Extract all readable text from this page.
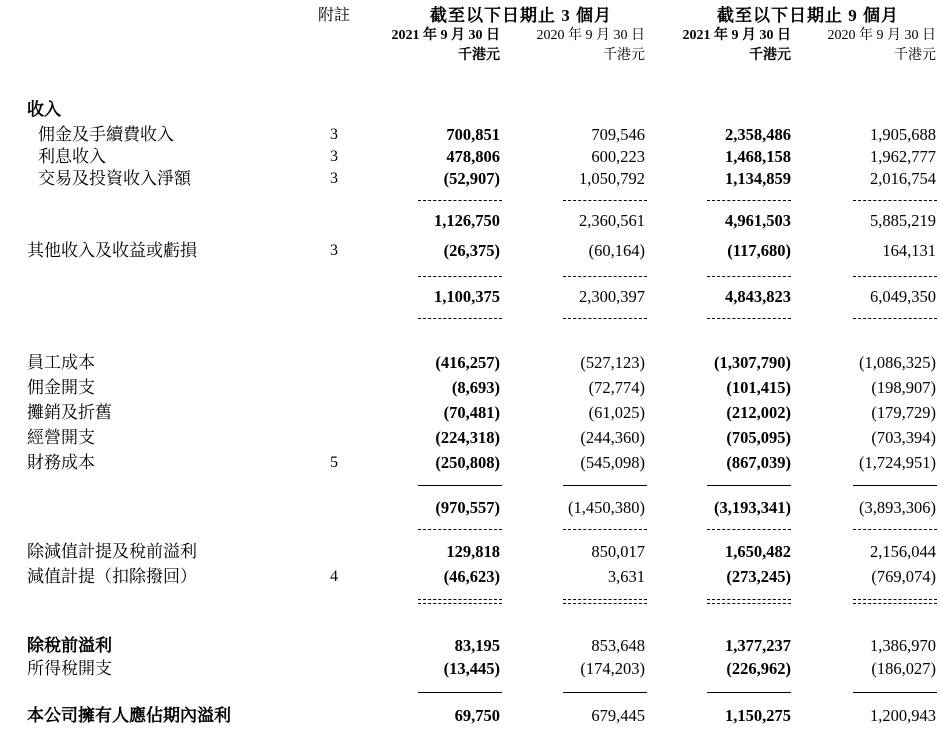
附註	截至以下日期止 3 個月	截至以下日期止 9 個月
2021 年 9 月 30 日	2020 年 9 月 30 日	2021 年 9 月 30 日	2020 年 9 月 30 日
千港元	千港元	千港元	千港元
收入
佣金及手續費收入	3	700,851	709,546	2,358,486	1,905,688
利息收入	3	478,806	600,223	1,468,158	1,962,777
交易及投資收入淨額	3	(52,907)	1,050,792	1,134,859	2,016,754
1,126,750	2,360,561	4,961,503	5,885,219
其他收入及收益或虧損	3	(26,375)	(60,164)	(117,680)	164,131
1,100,375	2,300,397	4,843,823	6,049,350
員工成本	(416,257)	(527,123)	(1,307,790)	(1,086,325)
佣金開支	(8,693)	(72,774)	(101,415)	(198,907)
攤銷及折舊	(70,481)	(61,025)	(212,002)	(179,729)
經營開支	(224,318)	(244,360)	(705,095)	(703,394)
財務成本	5	(250,808)	(545,098)	(867,039)	(1,724,951)
(970,557)	(1,450,380)	(3,193,341)	(3,893,306)
除減值計提及稅前溢利	129,818	850,017	1,650,482	2,156,044
減值計提（扣除撥回）	4	(46,623)	3,631	(273,245)	(769,074)
除稅前溢利	83,195	853,648	1,377,237	1,386,970
所得稅開支	(13,445)	(174,203)	(226,962)	(186,027)
本公司擁有人應佔期內溢利	69,750	679,445	1,150,275	1,200,943
